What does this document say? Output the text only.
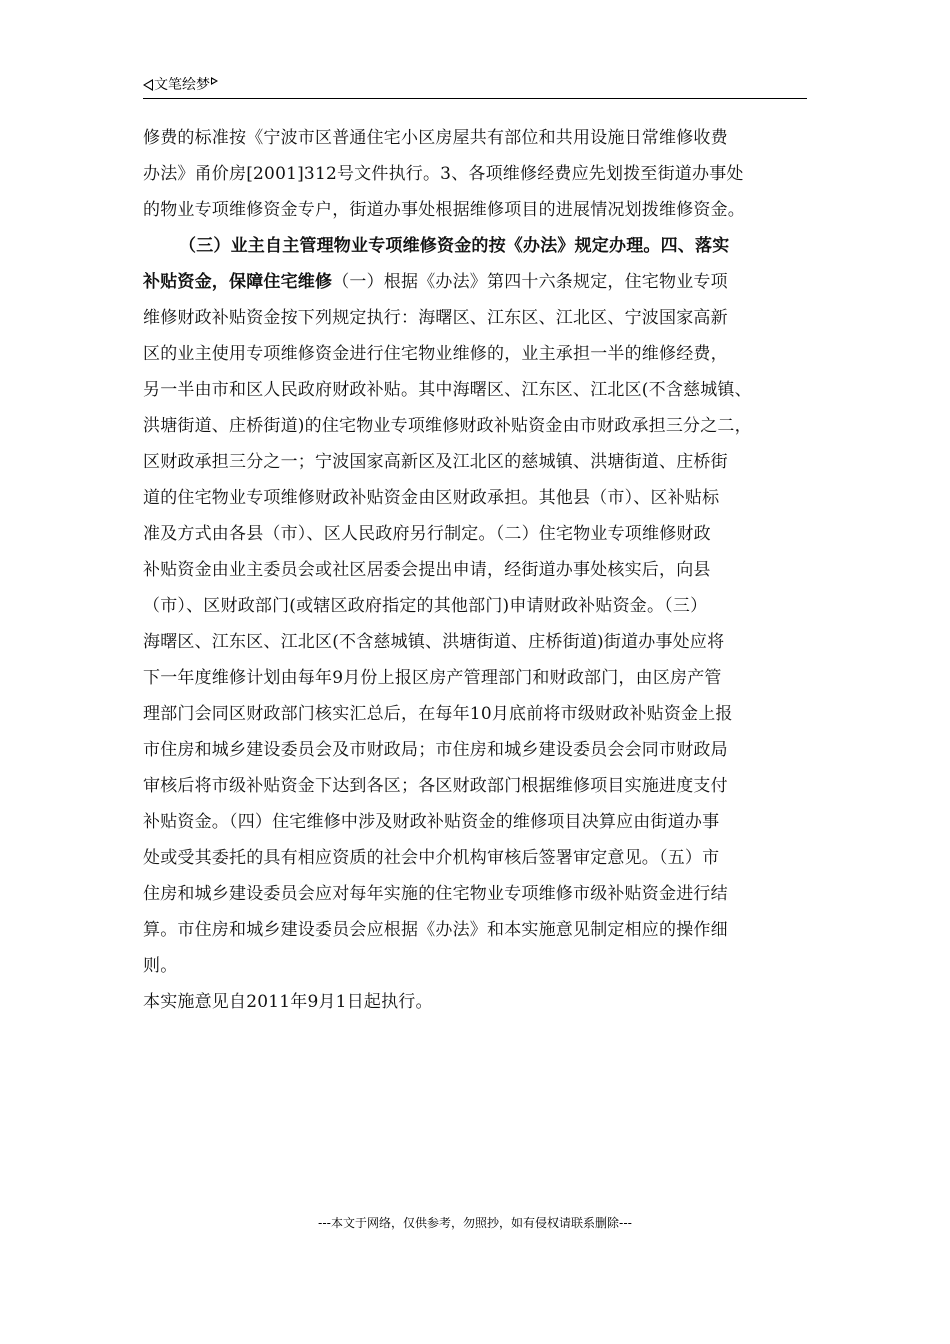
文笔绘梦
修费的标准按《宁波市区普通住宅小区房屋共有部位和共用设施日常维修收费
办法》甬价房[2001]312号文件执行。3、各项维修经费应先划拨至街道办事处
的物业专项维修资金专户，街道办事处根据维修项目的进展情况划拨维修资金。
（三）业主自主管理物业专项维修资金的按《办法》规定办理。四、落实
补贴资金，保障住宅维修（一）根据《办法》第四十六条规定，住宅物业专项
维修财政补贴资金按下列规定执行：海曙区、江东区、江北区、宁波国家高新
区的业主使用专项维修资金进行住宅物业维修的，业主承担一半的维修经费，
另一半由市和区人民政府财政补贴。其中海曙区、江东区、江北区(不含慈城镇、
洪塘街道、庄桥街道)的住宅物业专项维修财政补贴资金由市财政承担三分之二，
区财政承担三分之一；宁波国家高新区及江北区的慈城镇、洪塘街道、庄桥街
道的住宅物业专项维修财政补贴资金由区财政承担。其他县（市）、区补贴标
准及方式由各县（市）、区人民政府另行制定。（二）住宅物业专项维修财政
补贴资金由业主委员会或社区居委会提出申请，经街道办事处核实后，向县
（市）、区财政部门(或辖区政府指定的其他部门)申请财政补贴资金。（三）
海曙区、江东区、江北区(不含慈城镇、洪塘街道、庄桥街道)街道办事处应将
下一年度维修计划由每年9月份上报区房产管理部门和财政部门，由区房产管
理部门会同区财政部门核实汇总后，在每年10月底前将市级财政补贴资金上报
市住房和城乡建设委员会及市财政局；市住房和城乡建设委员会会同市财政局
审核后将市级补贴资金下达到各区；各区财政部门根据维修项目实施进度支付
补贴资金。（四）住宅维修中涉及财政补贴资金的维修项目决算应由街道办事
处或受其委托的具有相应资质的社会中介机构审核后签署审定意见。（五）市
住房和城乡建设委员会应对每年实施的住宅物业专项维修市级补贴资金进行结
算。市住房和城乡建设委员会应根据《办法》和本实施意见制定相应的操作细
则。
本实施意见自2011年9月1日起执行。
---本文于网络，仅供参考，勿照抄，如有侵权请联系删除---
